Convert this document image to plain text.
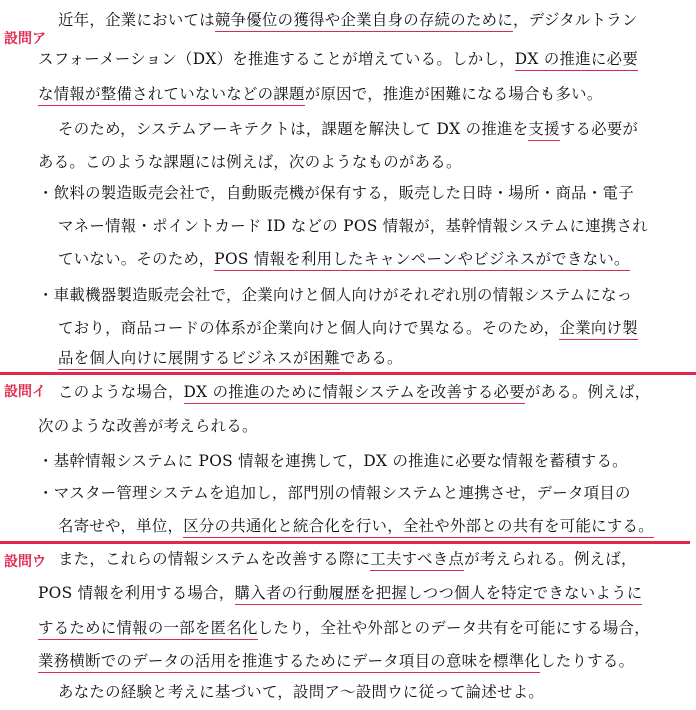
設問ア

近年，企業においては競争優位の獲得や企業自身の存続のために，デジタルトラン

スフォーメーション（DX）を推進することが増えている。しかし，DX の推進に必要

な情報が整備されていないなどの課題が原因で，推進が困難になる場合も多い。

そのため，システムアーキテクトは，課題を解決して DX の推進を支援する必要が

ある。このような課題には例えば，次のようなものがある。

・飲料の製造販売会社で，自動販売機が保有する，販売した日時・場所・商品・電子

マネー情報・ポイントカード ID などの POS 情報が，基幹情報システムに連携され

ていない。そのため，POS 情報を利用したキャンペーンやビジネスができない。

・車載機器製造販売会社で，企業向けと個人向けがそれぞれ別の情報システムになっ

ており，商品コードの体系が企業向けと個人向けで異なる。そのため，企業向け製

品を個人向けに展開するビジネスが困難である。

設問イ このような場合，DX の推進のために情報システムを改善する必要がある。例えば，

次のような改善が考えられる。

・基幹情報システムに POS 情報を連携して，DX の推進に必要な情報を蓄積する。

・マスター管理システムを追加し，部門別の情報システムと連携させ，データ項目の

名寄せや，単位，区分の共通化と統合化を行い，全社や外部との共有を可能にする。

設問ウ また，これらの情報システムを改善する際に工夫すべき点が考えられる。例えば，

POS 情報を利用する場合，購入者の行動履歴を把握しつつ個人を特定できないように

するために情報の一部を匿名化したり，全社や外部とのデータ共有を可能にする場合，

業務横断でのデータの活用を推進するためにデータ項目の意味を標準化したりする。

あなたの経験と考えに基づいて，設問ア～設問ウに従って論述せよ。
